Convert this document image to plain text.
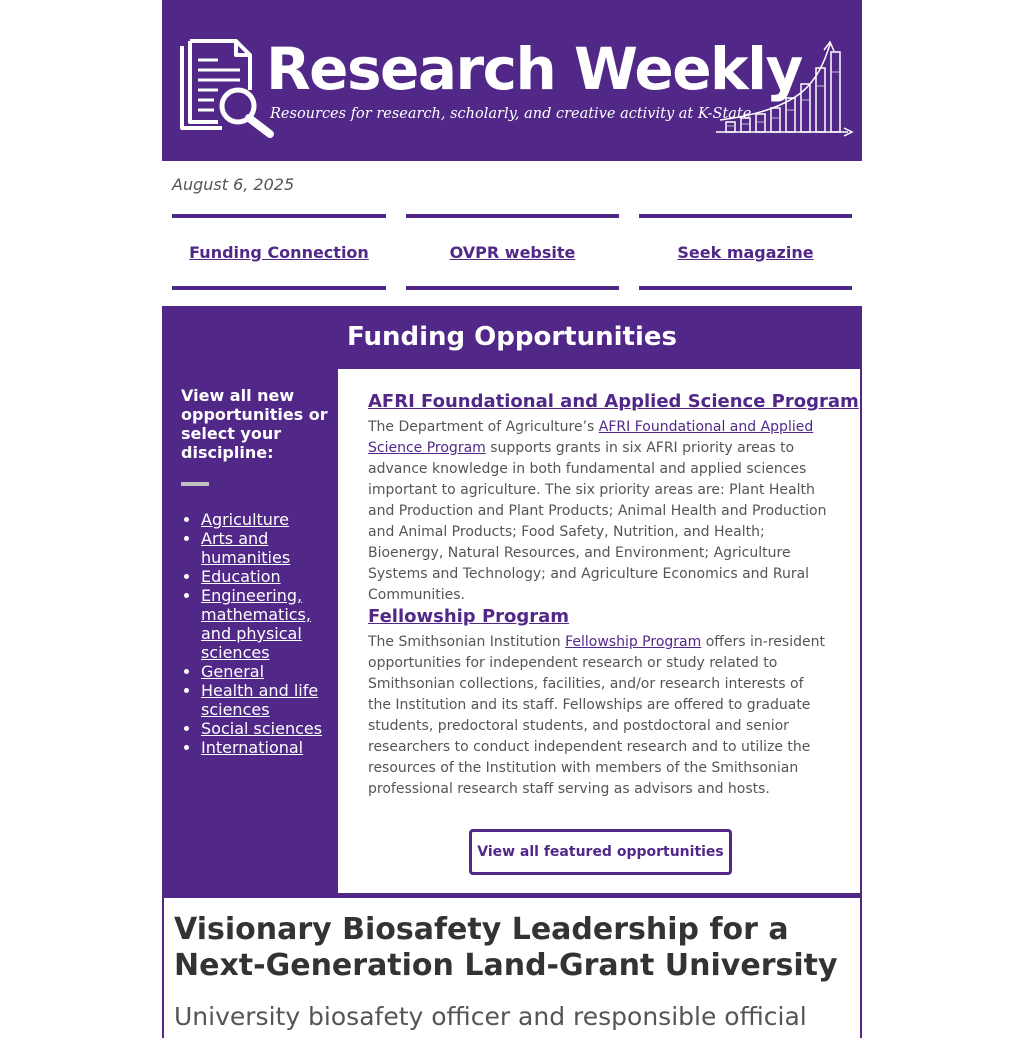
Research Weekly
Resources for research, scholarly, and creative activity at K-State
August 6, 2025
Funding Connection	OVPR website	Seek magazine
Funding Opportunities

View all new opportunities or select your discipline:

• Agriculture
• Arts and humanities
• Education
• Engineering, mathematics, and physical sciences
• General
• Health and life sciences
• Social sciences
• International
AFRI Foundational and Applied Science Program

The Department of Agriculture’s AFRI Foundational and Applied Science Program supports grants in six AFRI priority areas to advance knowledge in both fundamental and applied sciences important to agriculture. The six priority areas are: Plant Health and Production and Plant Products; Animal Health and Production and Animal Products; Food Safety, Nutrition, and Health; Bioenergy, Natural Resources, and Environment; Agriculture Systems and Technology; and Agriculture Economics and Rural Communities.

Fellowship Program

The Smithsonian Institution Fellowship Program offers in-resident opportunities for independent research or study related to Smithsonian collections, facilities, and/or research interests of the Institution and its staff. Fellowships are offered to graduate students, predoctoral students, and postdoctoral and senior researchers to conduct independent research and to utilize the resources of the Institution with members of the Smithsonian professional research staff serving as advisors and hosts.

View all featured opportunities
Visionary Biosafety Leadership for a Next-Generation Land-Grant University

University biosafety officer and responsible official
